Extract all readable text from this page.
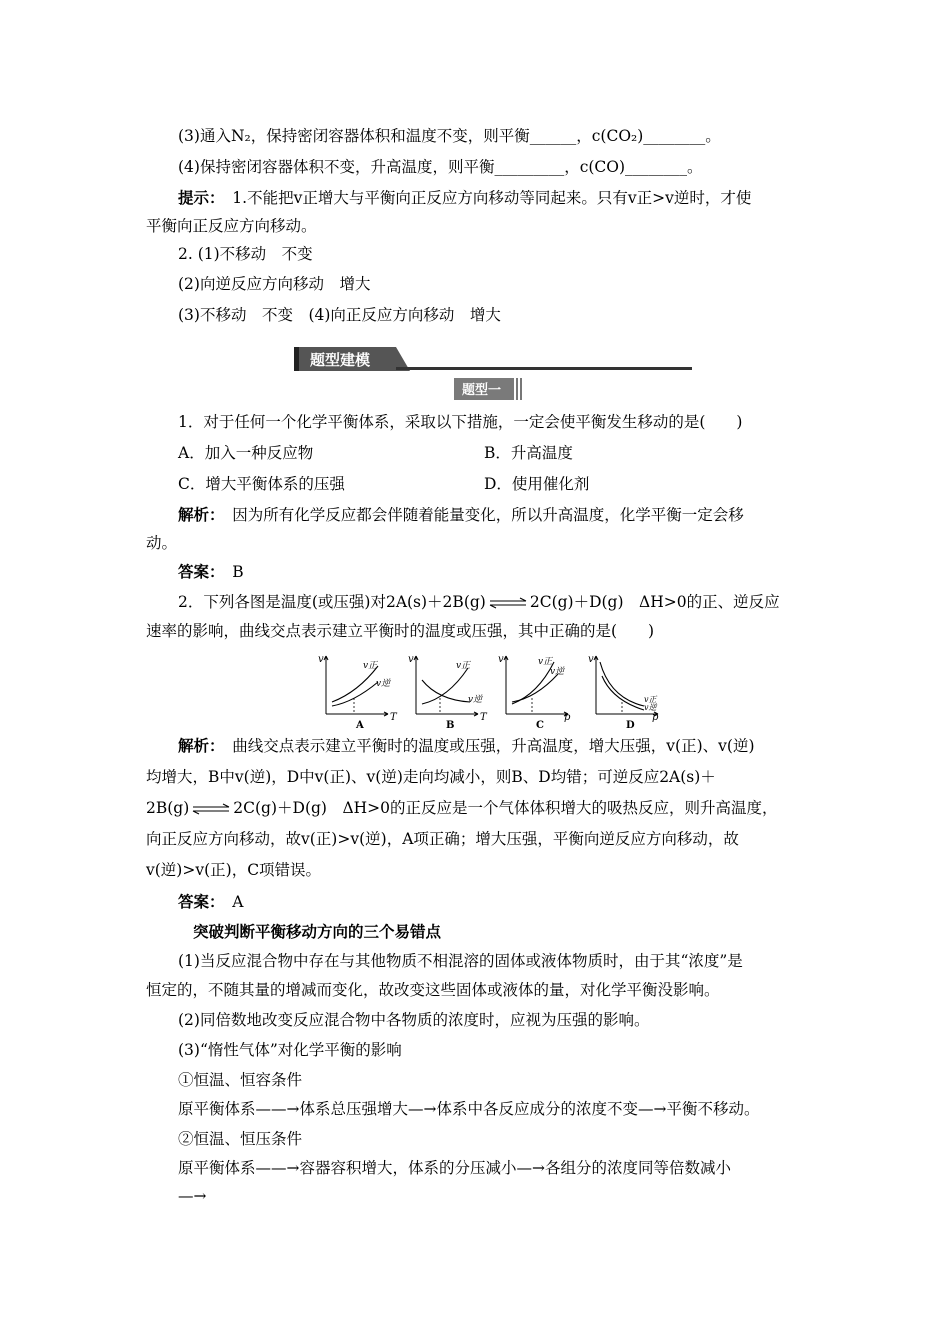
(3)通入N₂，保持密闭容器体积和温度不变，则平衡______，c(CO₂)________。
(4)保持密闭容器体积不变，升高温度，则平衡_________，c(CO)________。
提示：　 1.不能把v正增大与平衡向正反应方向移动等同起来。只有v正>v逆时，才使
平衡向正反应方向移动。
2. (1)不移动　不变
(2)向逆反应方向移动　增大
(3)不移动　不变　(4)向正反应方向移动　增大
题型建模
题型一
1．对于任何一个化学平衡体系，采取以下措施，一定会使平衡发生移动的是(　　)
A．加入一种反应物	B．升高温度
C．增大平衡体系的压强	D．使用催化剂
解析：　 因为所有化学反应都会伴随着能量变化，所以升高温度，化学平衡一定会移
动。
答案：　 B
2．下列各图是温度(或压强)对2A(s)＋2B(g)⇌2C(g)＋D(g)　ΔH>0的正、逆反应
速率的影响，曲线交点表示建立平衡时的温度或压强，其中正确的是(　　)
v
v正
v逆
T
A
v
v正
v逆
T
B
v	v正
v逆
p
C
v
v正
v逆
p
D
解析：　 曲线交点表示建立平衡时的温度或压强，升高温度，增大压强，v(正)、v(逆)
均增大，B中v(逆)，D中v(正)、v(逆)走向均减小，则B、D均错；可逆反应2A(s)＋
2B(g)⇌2C(g)＋D(g)　ΔH>0的正反应是一个气体体积增大的吸热反应，则升高温度，
向正反应方向移动，故v(正)>v(逆)，A项正确；增大压强，平衡向逆反应方向移动，故
v(逆)>v(正)，C项错误。
答案：　 A
突破判断平衡移动方向的三个易错点
(1)当反应混合物中存在与其他物质不相混溶的固体或液体物质时，由于其“浓度”是
恒定的，不随其量的增减而变化，故改变这些固体或液体的量，对化学平衡没影响。
(2)同倍数地改变反应混合物中各物质的浓度时，应视为压强的影响。
(3)“惰性气体”对化学平衡的影响
①恒温、恒容条件
原平衡体系——→体系总压强增大—→体系中各反应成分的浓度不变—→平衡不移动。
②恒温、恒压条件
原平衡体系——→容器容积增大，体系的分压减小—→各组分的浓度同等倍数减小
—→
